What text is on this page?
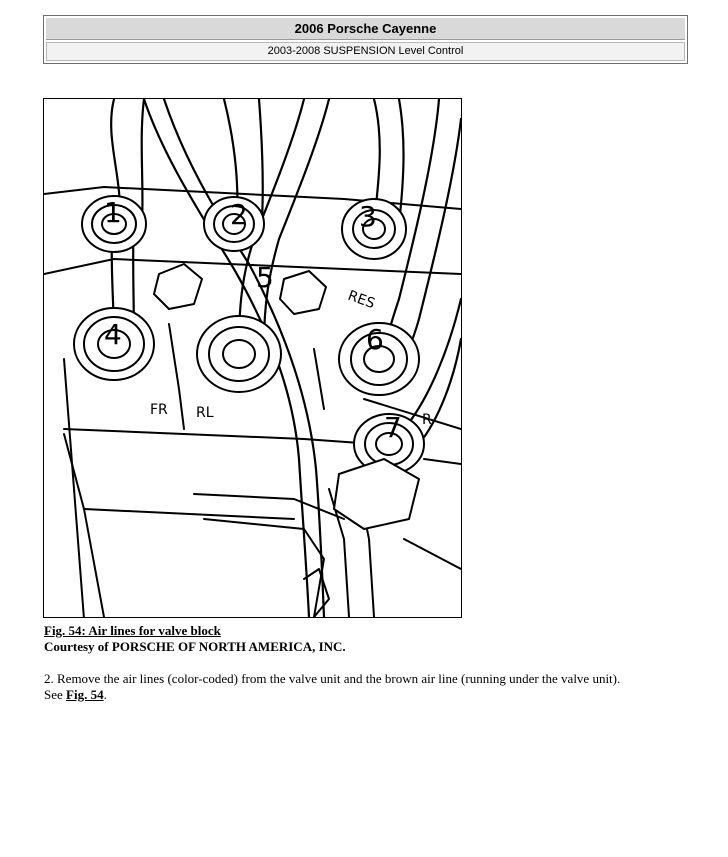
2006 Porsche Cayenne
2003-2008 SUSPENSION Level Control
1	2	3
4
5
6
7
FR RL
RES
R
Fig. 54: Air lines for valve block
Courtesy of PORSCHE OF NORTH AMERICA, INC.
2. Remove the air lines (color-coded) from the valve unit and the brown air line (running under the valve unit).
See Fig. 54.
